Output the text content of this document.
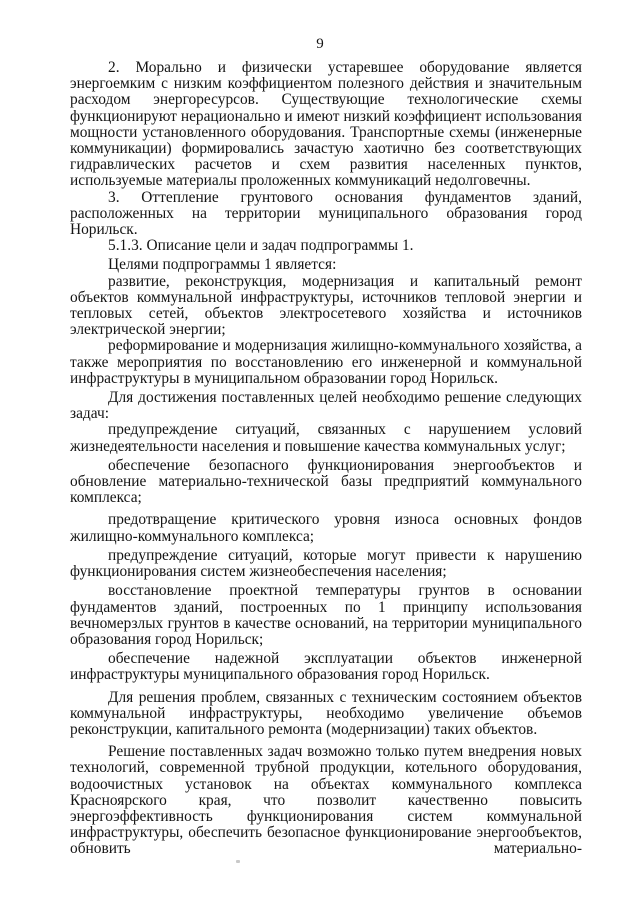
9

2. Морально и физически устаревшее оборудование является энергоемким с низким коэффициентом полезного действия и значительным расходом энергоресурсов. Существующие технологические схемы функционируют нерационально и имеют низкий коэффициент использования мощности установленного оборудования. Транспортные схемы (инженерные коммуникации) формировались зачастую хаотично без соответствующих гидравлических расчетов и схем развития населенных пунктов, используемые материалы проложенных коммуникаций недолговечны.

3. Оттепление грунтового основания фундаментов зданий, расположенных на территории муниципального образования город Норильск.

5.1.3. Описание цели и задач подпрограммы 1.

Целями подпрограммы 1 является:

развитие, реконструкция, модернизация и капитальный ремонт объектов коммунальной инфраструктуры, источников тепловой энергии и тепловых сетей, объектов электросетевого хозяйства и источников электрической энергии;

реформирование и модернизация жилищно-коммунального хозяйства, а также мероприятия по восстановлению его инженерной и коммунальной инфраструктуры в муниципальном образовании город Норильск.

Для достижения поставленных целей необходимо решение следующих задач:

предупреждение ситуаций, связанных с нарушением условий жизнедеятельности населения и повышение качества коммунальных услуг;

обеспечение безопасного функционирования энергообъектов и обновление материально-технической базы предприятий коммунального комплекса;

предотвращение критического уровня износа основных фондов жилищно-коммунального комплекса;

предупреждение ситуаций, которые могут привести к нарушению функционирования систем жизнеобеспечения населения;

восстановление проектной температуры грунтов в основании фундаментов зданий, построенных по 1 принципу использования вечномерзлых грунтов в качестве оснований, на территории муниципального образования город Норильск;

обеспечение надежной эксплуатации объектов инженерной инфраструктуры муниципального образования город Норильск.

Для решения проблем, связанных с техническим состоянием объектов коммунальной инфраструктуры, необходимо увеличение объемов реконструкции, капитального ремонта (модернизации) таких объектов.

Решение поставленных задач возможно только путем внедрения новых технологий, современной трубной продукции, котельного оборудования, водоочистных установок на объектах коммунального комплекса Красноярского края, что позволит качественно повысить энергоэффективность функционирования систем коммунальной инфраструктуры, обеспечить безопасное функционирование энергообъектов, обновить материально-
